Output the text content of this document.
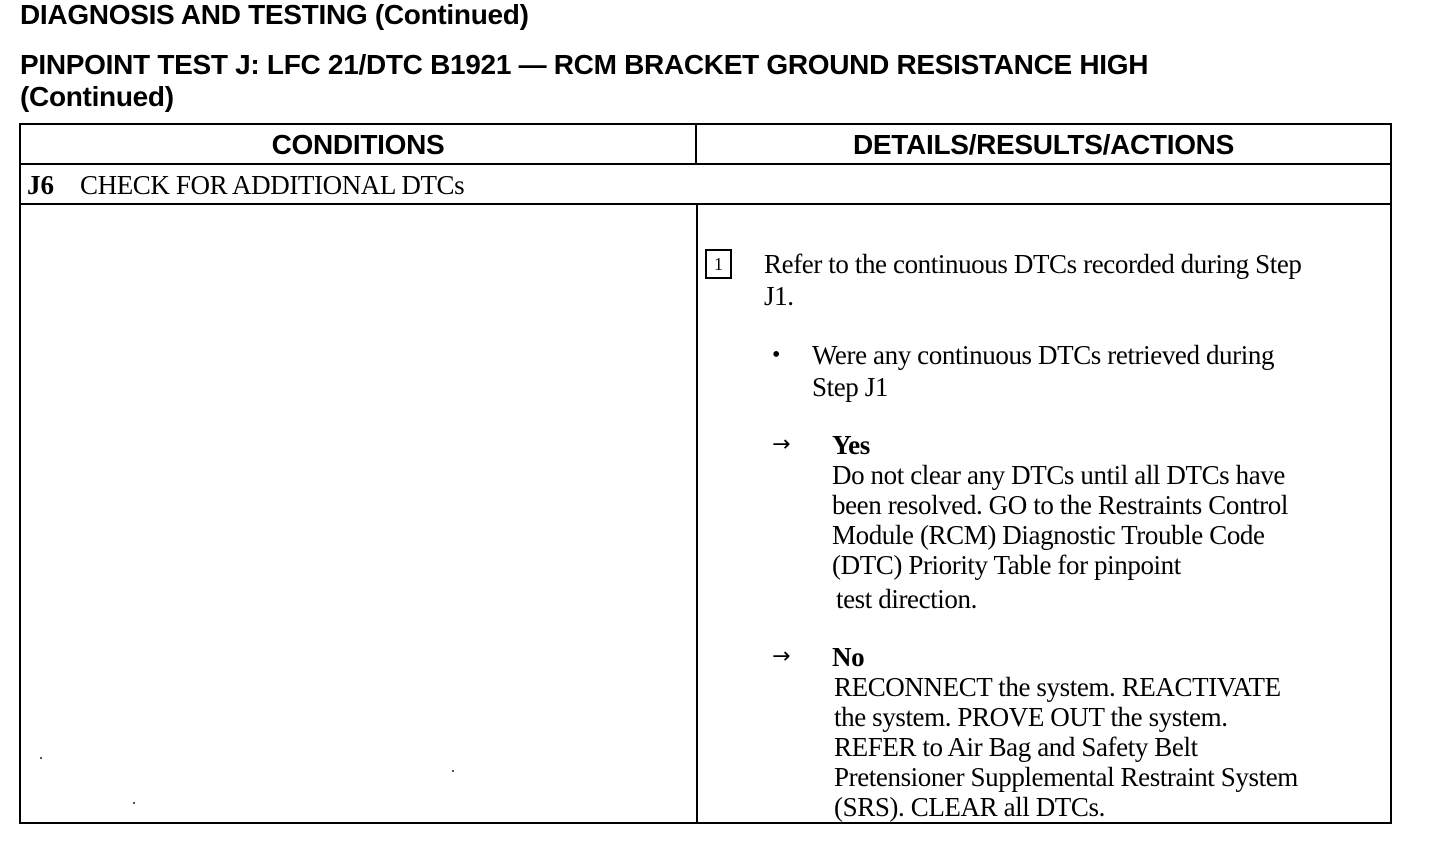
DIAGNOSIS AND TESTING (Continued)
PINPOINT TEST J: LFC 21/DTC B1921 — RCM BRACKET GROUND RESISTANCE HIGH
(Continued)
CONDITIONS	DETAILS/RESULTS/ACTIONS
J6 CHECK FOR ADDITIONAL DTCs
1	Refer to the continuous DTCs recorded during Step
J1.
• Were any continuous DTCs retrieved during
Step J1
→ Yes
Do not clear any DTCs until all DTCs have
been resolved. GO to the Restraints Control
Module (RCM) Diagnostic Trouble Code
(DTC) Priority Table for pinpoint
test direction.
→ No
RECONNECT the system. REACTIVATE
the system. PROVE OUT the system.
REFER to Air Bag and Safety Belt
Pretensioner Supplemental Restraint System
(SRS). CLEAR all DTCs.
